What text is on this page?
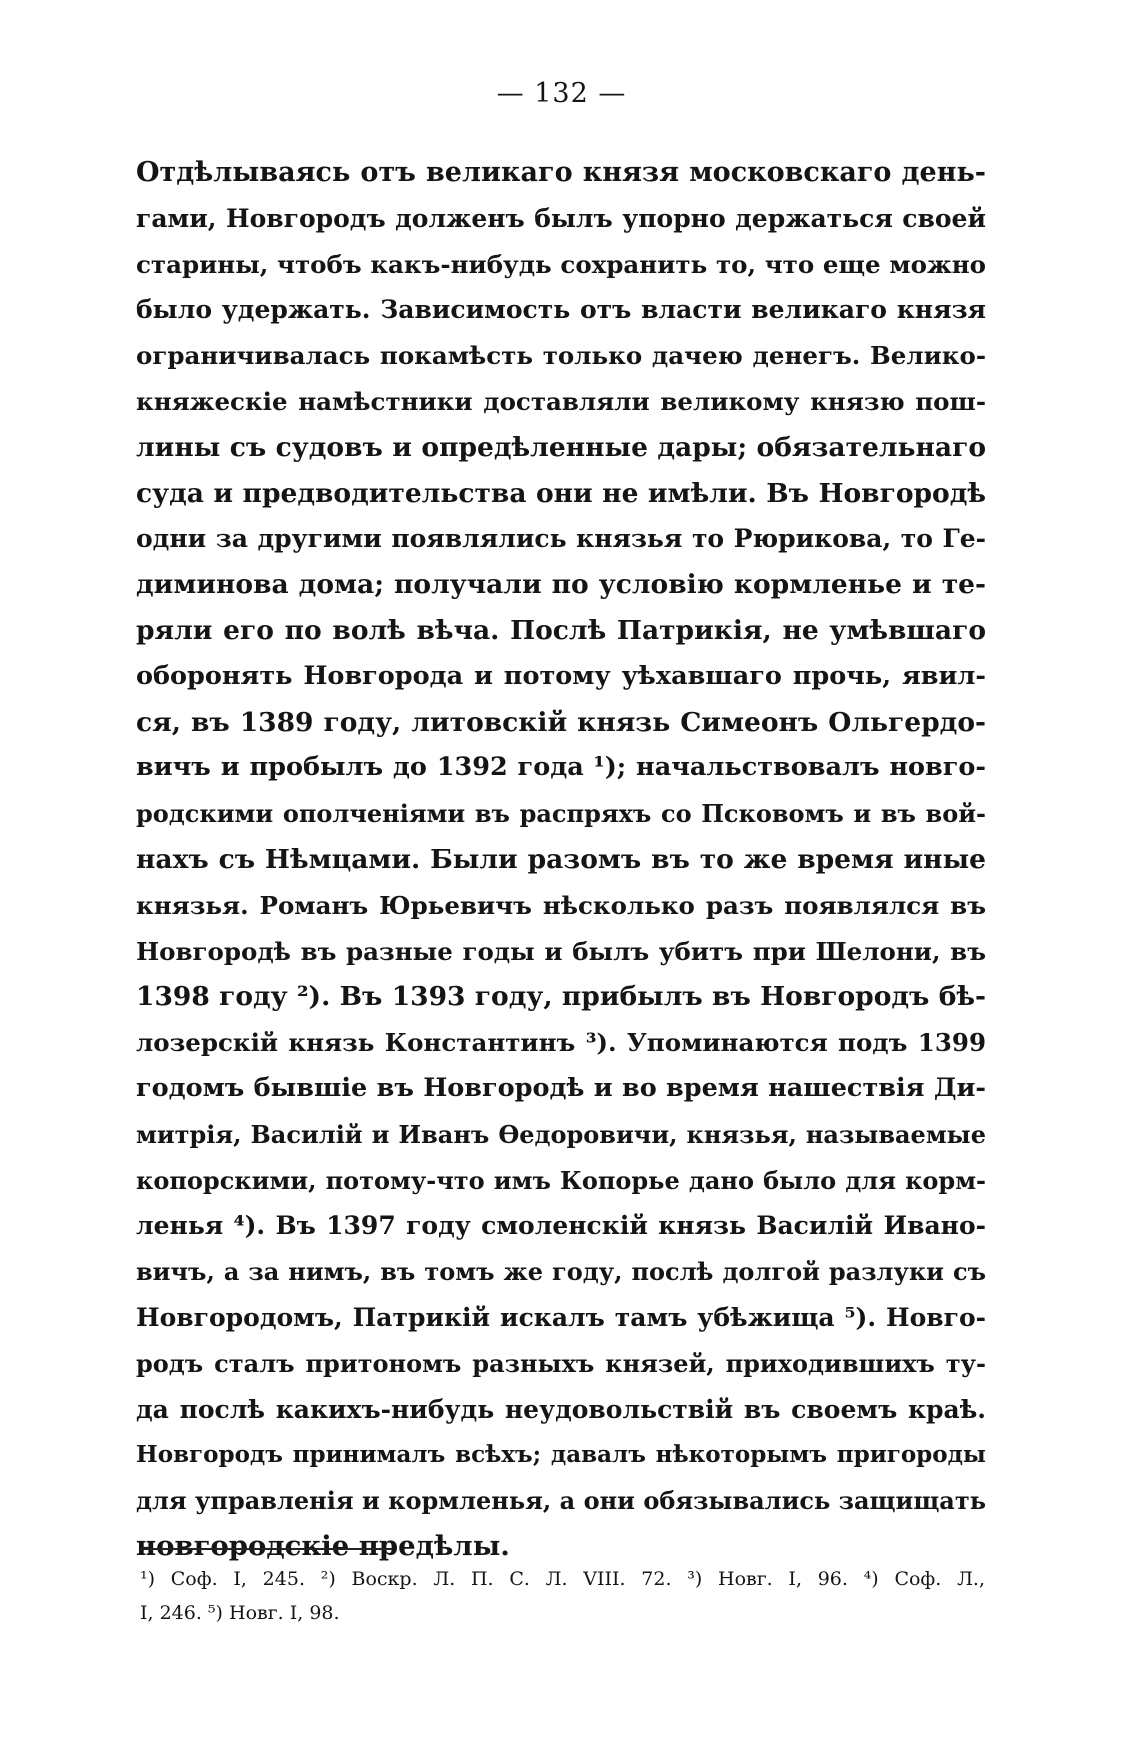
— 132 —
Отдѣлываясь отъ великаго князя московскаго день-
гами, Новгородъ долженъ былъ упорно держаться своей
старины, чтобъ какъ-нибудь сохранить то, что еще можно
было удержать. Зависимость отъ власти великаго князя
ограничивалась покамѣсть только дачею денегъ. Велико-
княжескіе намѣстники доставляли великому князю пош-
лины съ судовъ и опредѣленные дары; обязательнаго
суда и предводительства они не имѣли. Въ Новгородѣ
одни за другими появлялись князья то Рюрикова, то Ге-
диминова дома; получали по условію кормленье и те-
ряли его по волѣ вѣча. Послѣ Патрикія, не умѣвшаго
оборонять Новгорода и потому уѣхавшаго прочь, явил-
ся, въ 1389 году, литовскій князь Симеонъ Ольгердо-
вичъ и пробылъ до 1392 года ¹); начальствовалъ новго-
родскими ополченіями въ распряхъ со Псковомъ и въ вой-
нахъ съ Нѣмцами. Были разомъ въ то же время иные
князья. Романъ Юрьевичъ нѣсколько разъ появлялся въ
Новгородѣ въ разные годы и былъ убитъ при Шелони, въ
1398 году ²). Въ 1393 году, прибылъ въ Новгородъ бѣ-
лозерскій князь Константинъ ³). Упоминаются подъ 1399
годомъ бывшіе въ Новгородѣ и во время нашествія Ди-
митрія, Василій и Иванъ Ѳедоровичи, князья, называемые
копорскими, потому-что имъ Копорье дано было для корм-
ленья ⁴). Въ 1397 году смоленскій князь Василій Ивано-
вичъ, а за нимъ, въ томъ же году, послѣ долгой разлуки съ
Новгородомъ, Патрикій искалъ тамъ убѣжища ⁵). Новго-
родъ сталъ притономъ разныхъ князей, приходившихъ ту-
да послѣ какихъ-нибудь неудовольствій въ своемъ краѣ.
Новгородъ принималъ всѣхъ; давалъ нѣкоторымъ пригороды
для управленія и кормленья, а они обязывались защищать
новгородскіе предѣлы.
¹) Соф. I, 245. ²) Воскр. Л. П. С. Л. VIII. 72. ³) Новг. I, 96. ⁴) Соф. Л.,
I, 246. ⁵) Новг. I, 98.
